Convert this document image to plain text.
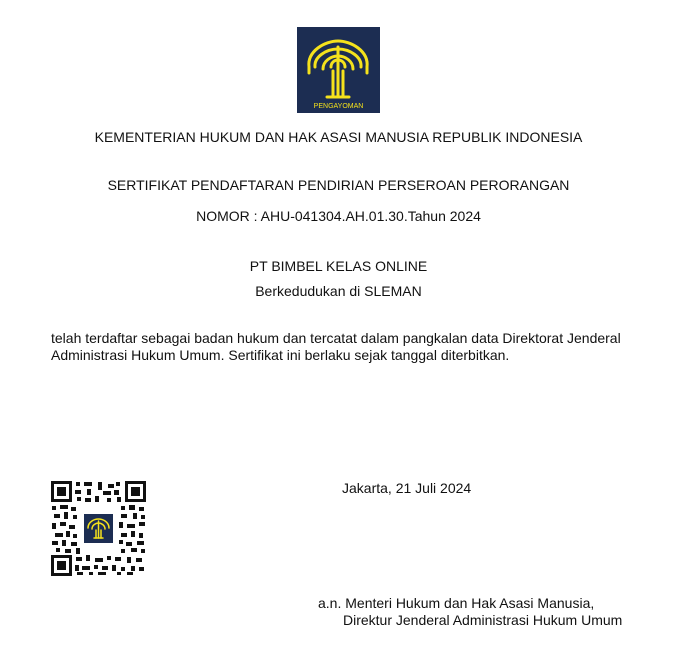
PENGAYOMAN
KEMENTERIAN HUKUM DAN HAK ASASI MANUSIA REPUBLIK INDONESIA
SERTIFIKAT PENDAFTARAN PENDIRIAN PERSEROAN PERORANGAN
NOMOR : AHU-041304.AH.01.30.Tahun 2024
PT BIMBEL KELAS ONLINE
Berkedudukan di SLEMAN
telah terdaftar sebagai badan hukum dan tercatat dalam pangkalan data Direktorat Jenderal Administrasi Hukum Umum. Sertifikat ini berlaku sejak tanggal diterbitkan.
Jakarta, 21 Juli 2024
a.n. Menteri Hukum dan Hak Asasi Manusia,
Direktur Jenderal Administrasi Hukum Umum
